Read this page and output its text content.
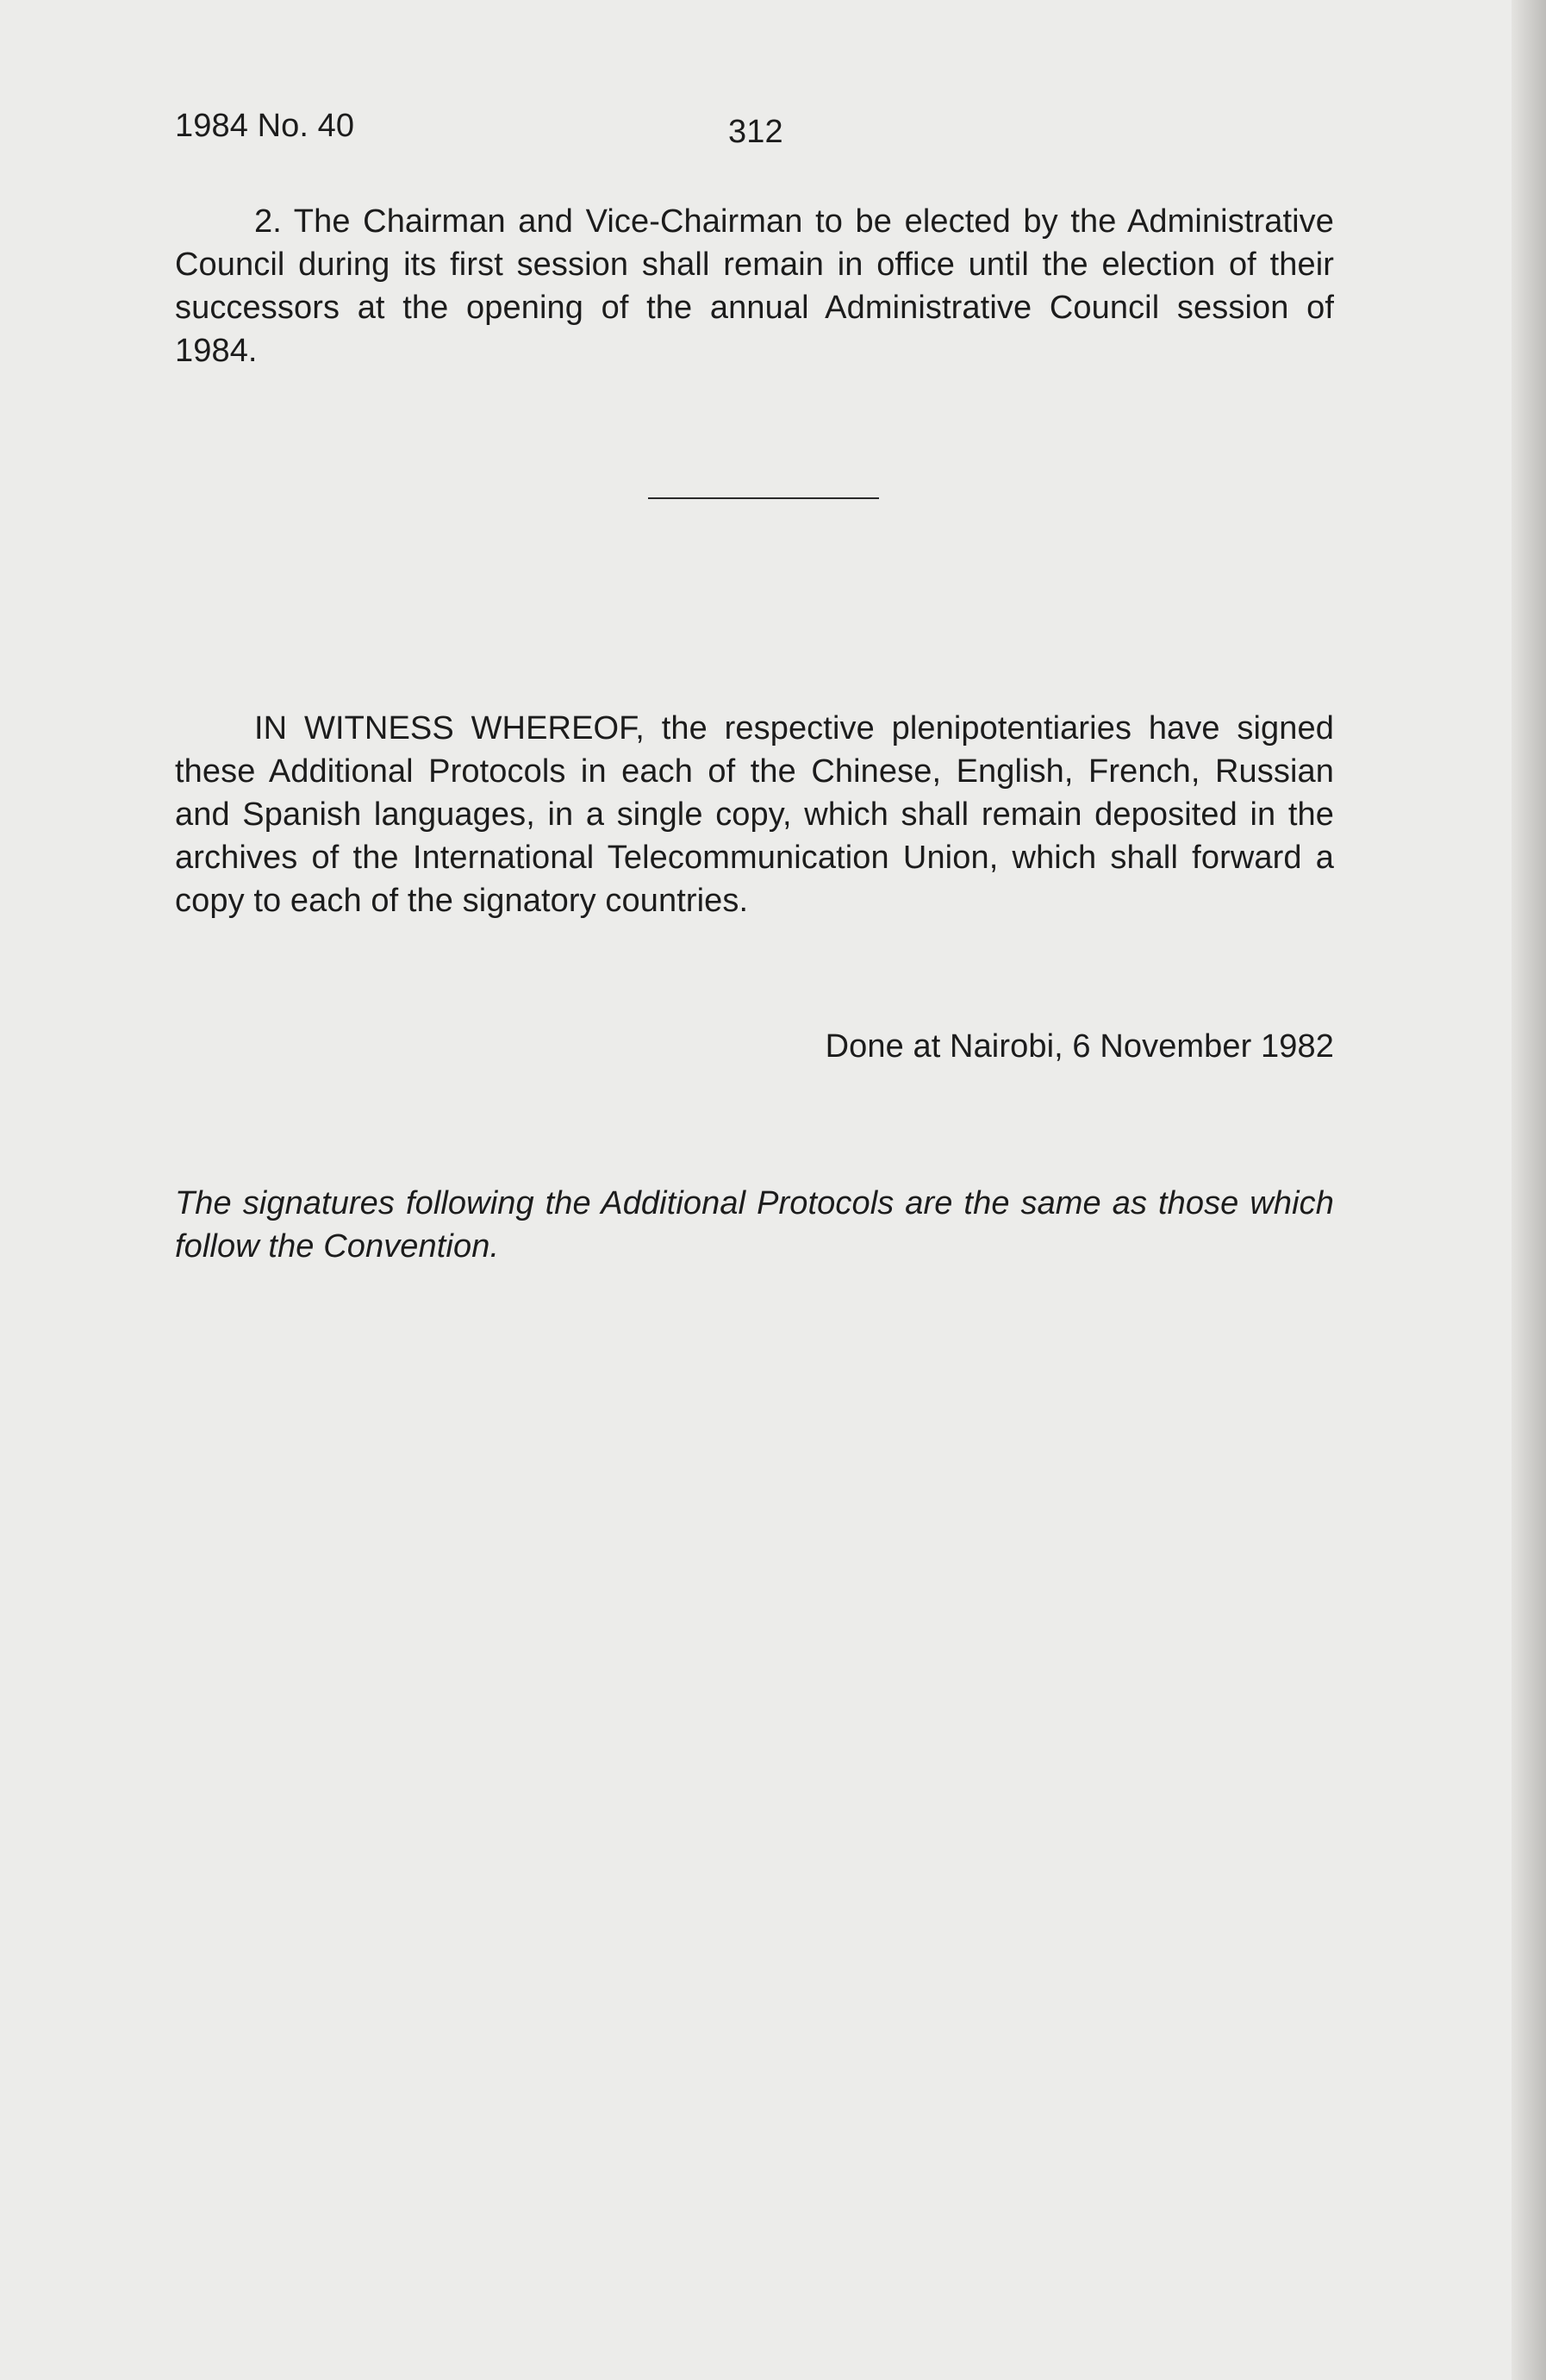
1984 No. 40	312
2. The Chairman and Vice-Chairman to be elected by the Administrative Council during its first session shall remain in office until the election of their successors at the opening of the annual Administrative Council session of 1984.
IN WITNESS WHEREOF, the respective plenipotentiaries have signed these Additional Protocols in each of the Chinese, English, French, Russian and Spanish languages, in a single copy, which shall remain deposited in the archives of the International Telecommunication Union, which shall forward a copy to each of the signatory countries.
Done at Nairobi, 6 November 1982
The signatures following the Additional Protocols are the same as those which follow the Convention.
